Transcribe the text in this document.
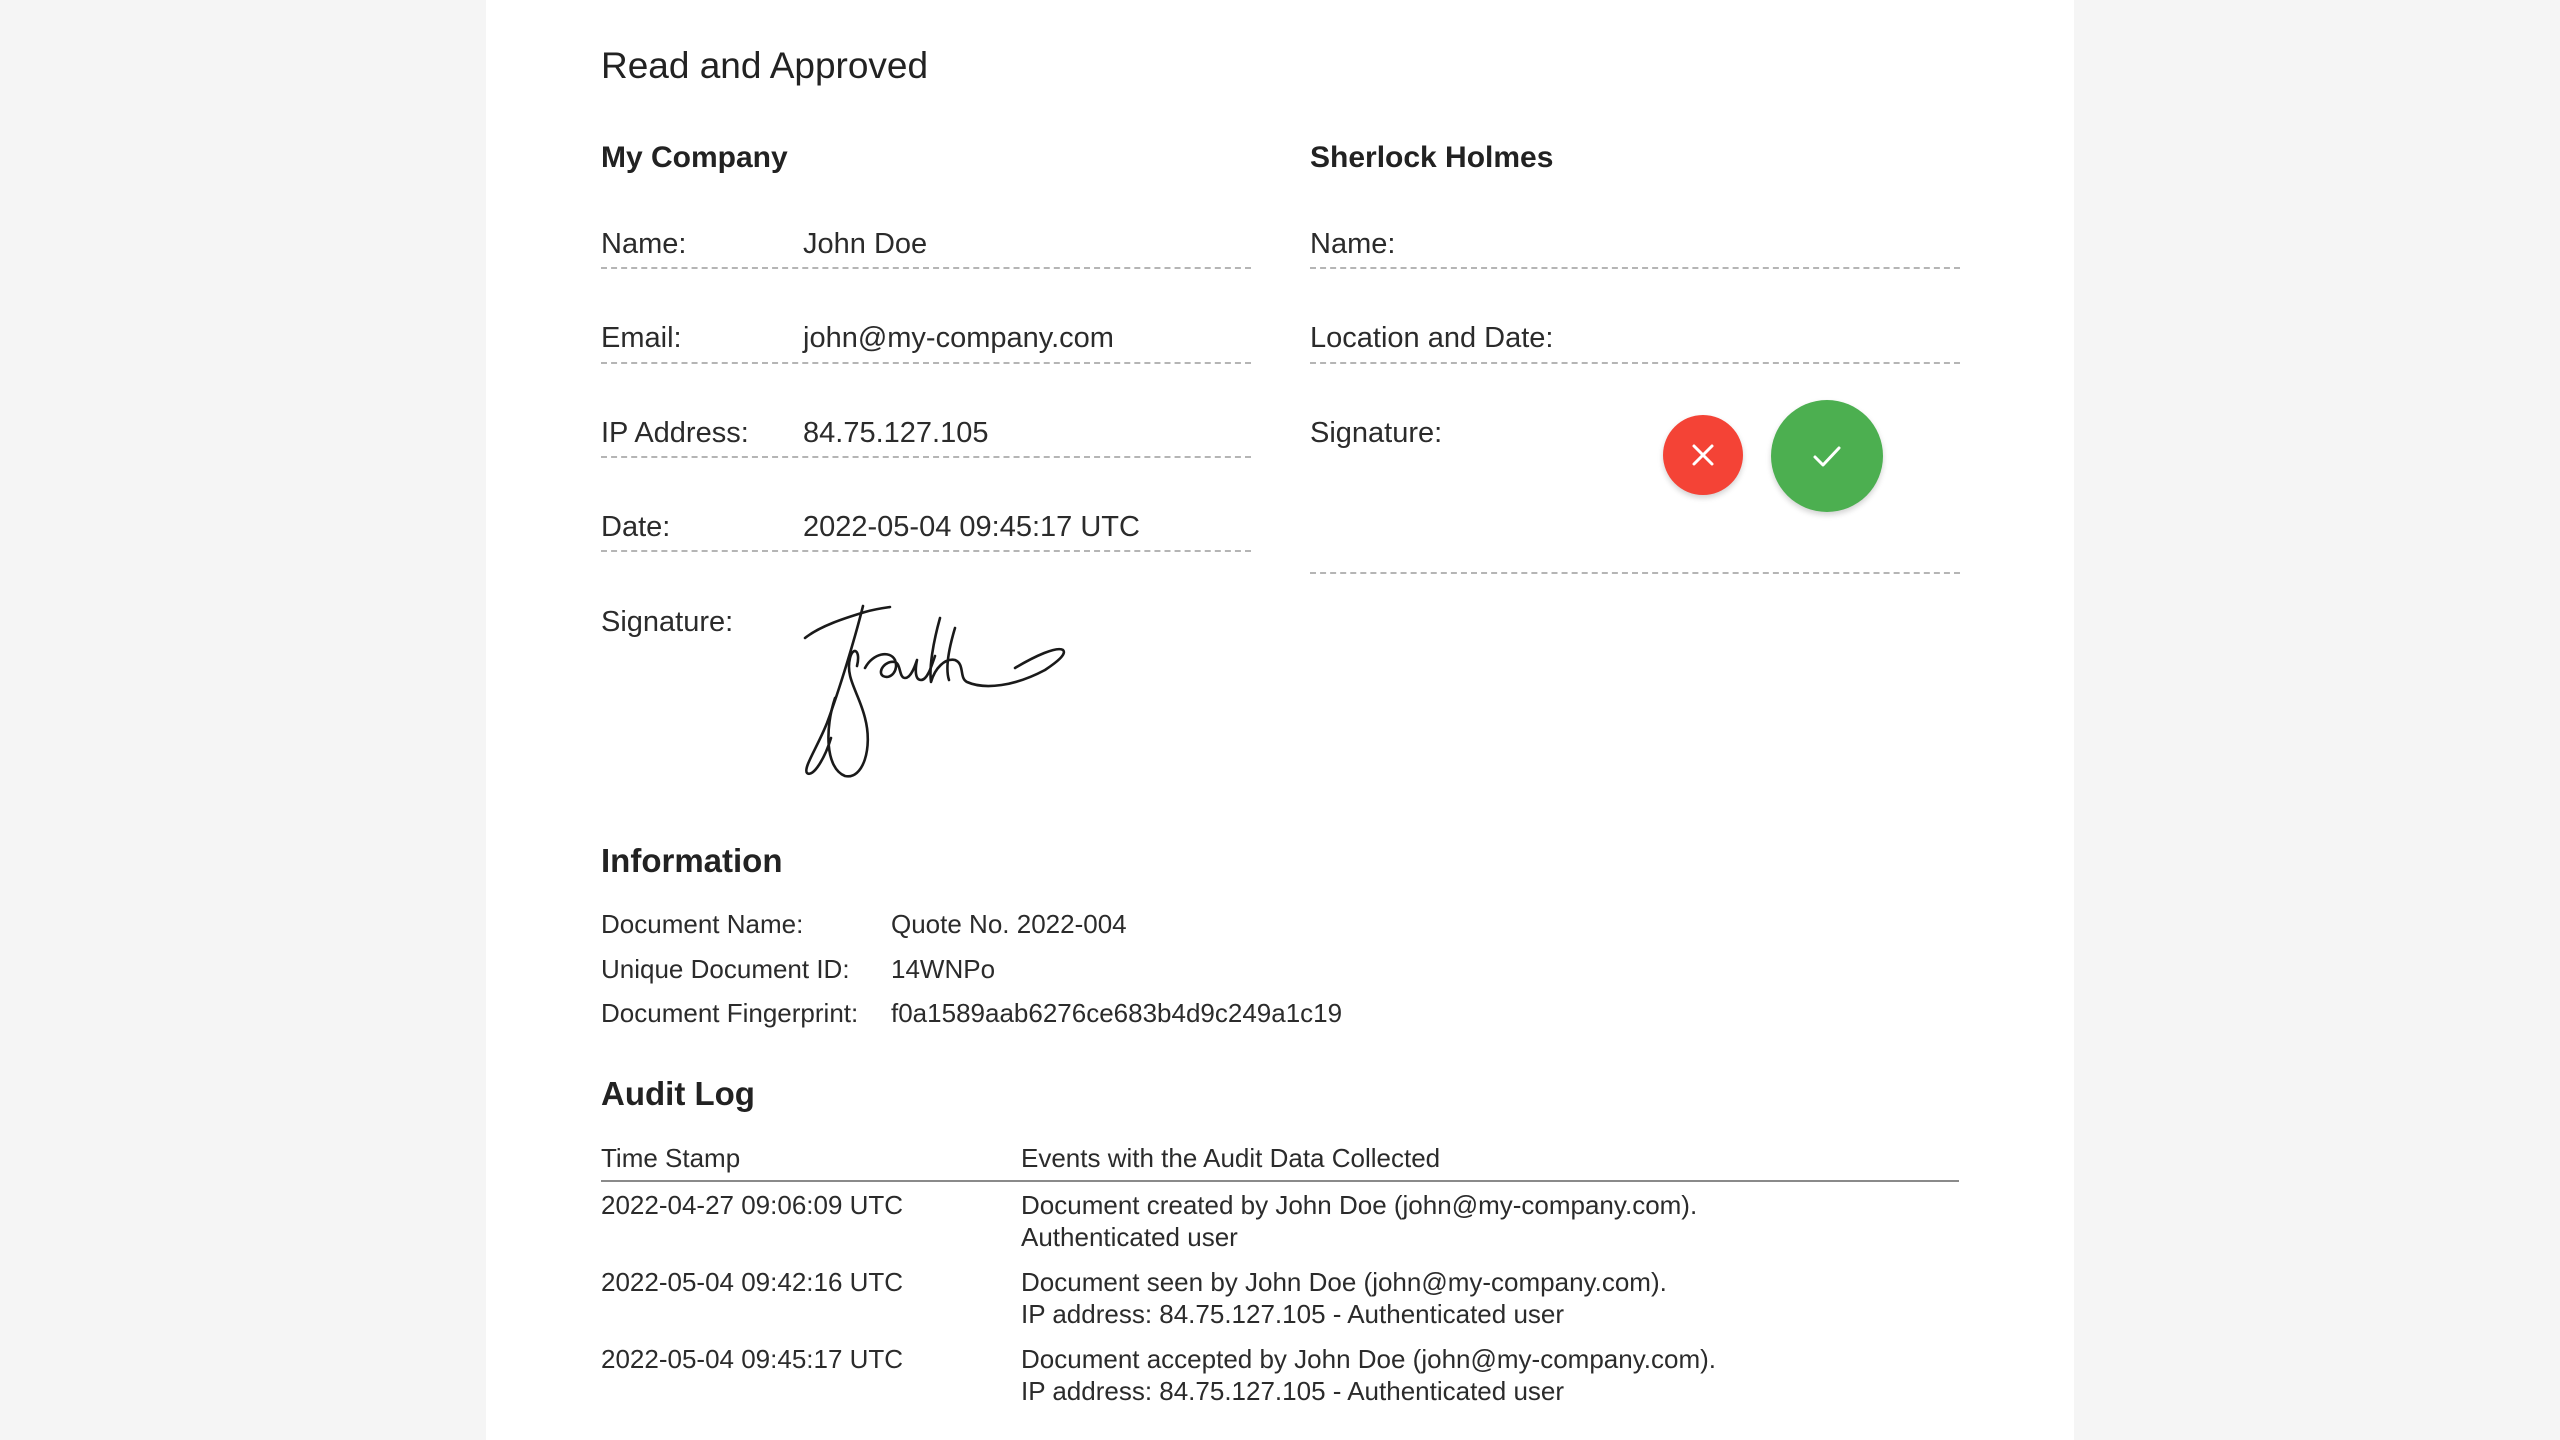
Read and Approved
My Company
Name:	John Doe
Email:	john@my-company.com
IP Address: 84.75.127.105
Date:	2022-05-04 09:45:17 UTC
Signature:
Sherlock Holmes
Name:
Location and Date:
Signature:
Information
Document Name:	Quote No. 2022-004
Unique Document ID: 14WNPo
Document Fingerprint: f0a1589aab6276ce683b4d9c249a1c19
Audit Log
Time Stamp	Events with the Audit Data Collected
2022-04-27 09:06:09 UTC	Document created by John Doe (john@my-company.com).
Authenticated user
2022-05-04 09:42:16 UTC	Document seen by John Doe (john@my-company.com).
IP address: 84.75.127.105 - Authenticated user
2022-05-04 09:45:17 UTC	Document accepted by John Doe (john@my-company.com).
IP address: 84.75.127.105 - Authenticated user
